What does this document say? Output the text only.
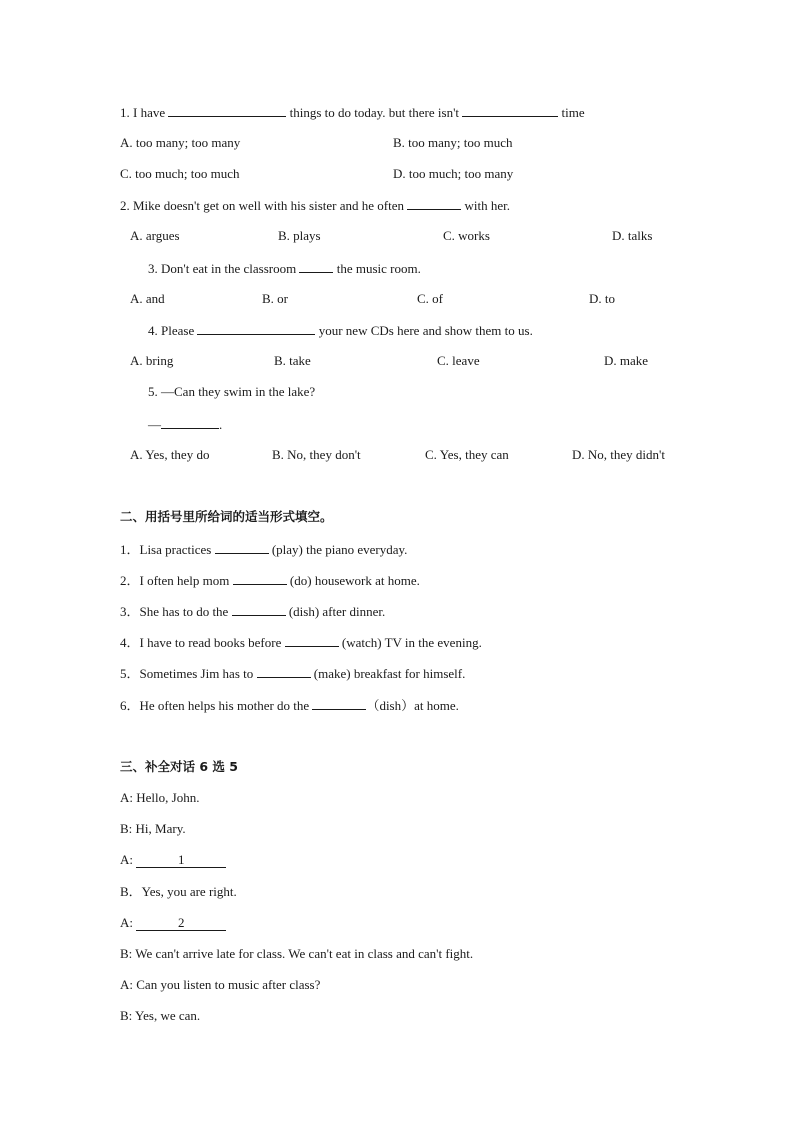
1. I have	things to do today. but there isn't	time
A. too many; too many	B. too many; too much
C. too much; too much	D. too much; too many
2. Mike doesn't get on well with his sister and he often	with her.
A. argues	B. plays	C. works	D. talks
3. Don't eat in the classroom	the music room.
A. and	B. or	C. of	D. to
4. Please	your new CDs here and show them to us.
A. bring	B. take	C. leave	D. make
5. —Can they swim in the lake?
—	.
A. Yes, they do	B. No, they don't	C. Yes, they can	D. No, they didn't
二、用括号里所给词的适当形式填空。
1．Lisa practices	(play) the piano everyday.
2．I often help mom	(do) housework at home.
3．She has to do the	(dish) after dinner.
4．I have to read books before	(watch) TV in the evening.
5．Sometimes Jim has to	(make) breakfast for himself.
6．He often helps his mother do the	（dish）at home.
三、补全对话 6 选 5
A: Hello, John.
B: Hi, Mary.
A:	1
B．Yes, you are right.
A:	2
B: We can't arrive late for class. We can't eat in class and can't fight.
A: Can you listen to music after class?
B: Yes, we can.
